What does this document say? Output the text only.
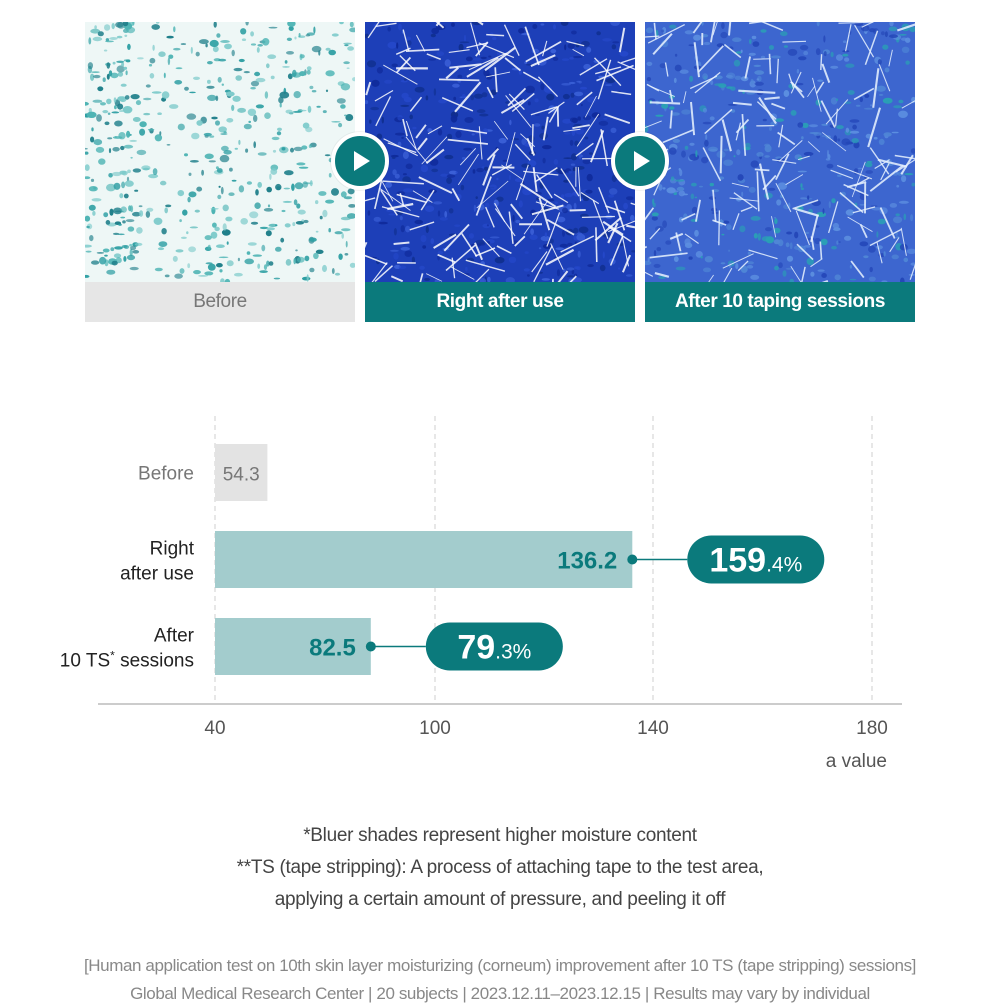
Before	Right after use	After 10 taping sessions
Before 54.3
Right after use	136.2	159.4%
After 10 TS* sessions	82.5	79.3%
40	100	140	180
a value
*Bluer shades represent higher moisture content
**TS (tape stripping): A process of attaching tape to the test area,
applying a certain amount of pressure, and peeling it off
[Human application test on 10th skin layer moisturizing (corneum) improvement after 10 TS (tape stripping) sessions]
Global Medical Research Center | 20 subjects | 2023.12.11–2023.12.15 | Results may vary by individual
